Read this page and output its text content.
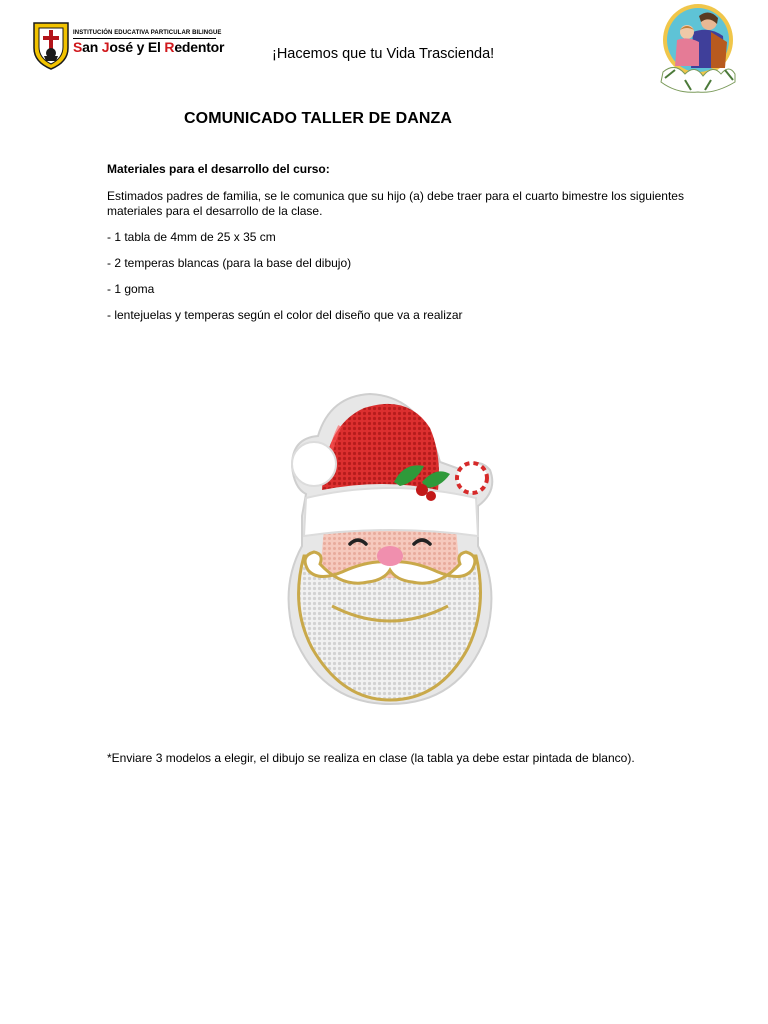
INSTITUCIÓN EDUCATIVA PARTICULAR BILINGUE
San José y El Redentor	¡Hacemos que tu Vida Trascienda!
COMUNICADO TALLER DE DANZA
Materiales para el desarrollo del curso:
Estimados padres de familia, se le comunica que su hijo (a) debe traer para el cuarto bimestre los siguientes materiales para el desarrollo de la clase.
- 1 tabla de 4mm de 25 x 35 cm
- 2 temperas blancas (para la base del dibujo)
- 1 goma
- lentejuelas y temperas según el color del diseño que va a realizar
*Enviare 3 modelos a elegir, el dibujo se realiza en clase (la tabla ya debe estar pintada de blanco).
